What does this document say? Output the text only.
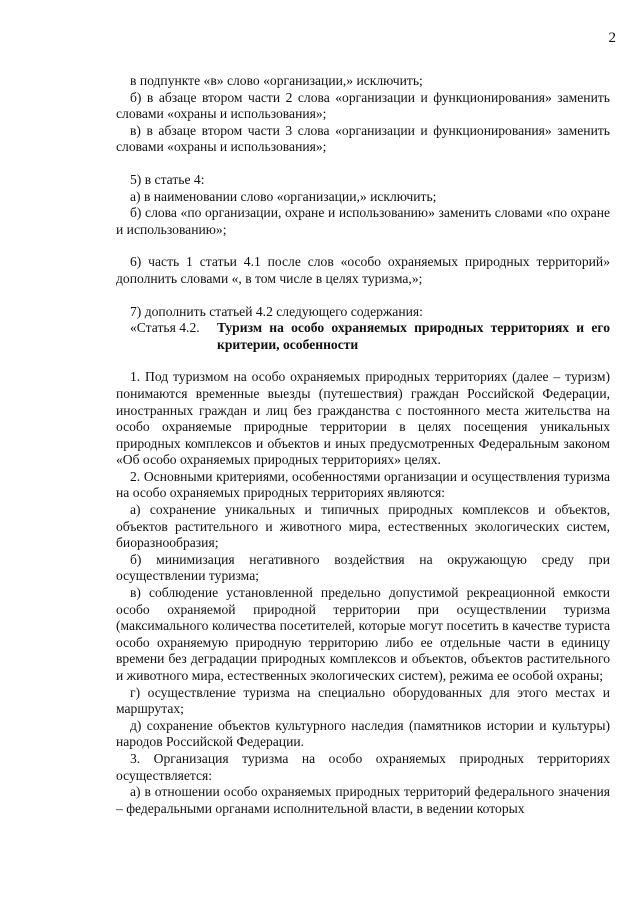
2

в подпункте «в» слово «организации,» исключить;

б) в абзаце втором части 2 слова «организации и функционирования» заменить словами «охраны и использования»;

в) в абзаце втором части 3 слова «организации и функционирования» заменить словами «охраны и использования»;

5) в статье 4:

а) в наименовании слово «организации,» исключить;

б) слова «по организации, охране и использованию» заменить словами «по охране и использованию»;

6) часть 1 статьи 4.1 после слов «особо охраняемых природных территорий» дополнить словами «, в том числе в целях туризма,»;

7) дополнить статьей 4.2 следующего содержания:

«Статья 4.2.	Туризм на особо охраняемых природных территориях и его критерии, особенности

1. Под туризмом на особо охраняемых природных территориях (далее – туризм) понимаются временные выезды (путешествия) граждан Российской Федерации, иностранных граждан и лиц без гражданства с постоянного места жительства на особо охраняемые природные территории в целях посещения уникальных природных комплексов и объектов и иных предусмотренных Федеральным законом «Об особо охраняемых природных территориях» целях.

2. Основными критериями, особенностями организации и осуществления туризма на особо охраняемых природных территориях являются:

а) сохранение уникальных и типичных природных комплексов и объектов, объектов растительного и животного мира, естественных экологических систем, биоразнообразия;

б) минимизация негативного воздействия на окружающую среду при осуществлении туризма;

в) соблюдение установленной предельно допустимой рекреационной емкости особо охраняемой природной территории при осуществлении туризма (максимального количества посетителей, которые могут посетить в качестве туриста особо охраняемую природную территорию либо ее отдельные части в единицу времени без деградации природных комплексов и объектов, объектов растительного и животного мира, естественных экологических систем), режима ее особой охраны;

г) осуществление туризма на специально оборудованных для этого местах и маршрутах;

д) сохранение объектов культурного наследия (памятников истории и культуры) народов Российской Федерации.

3. Организация туризма на особо охраняемых природных территориях осуществляется:

а) в отношении особо охраняемых природных территорий федерального значения – федеральными органами исполнительной власти, в ведении которых
